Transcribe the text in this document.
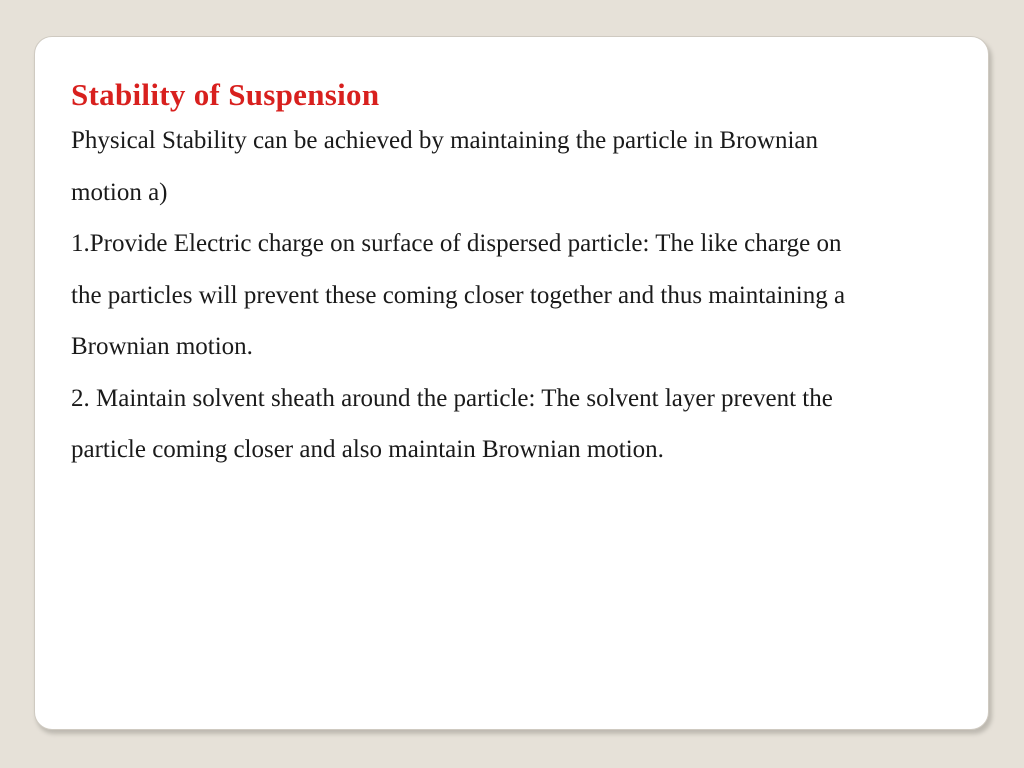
Stability of Suspension

Physical Stability can be achieved by maintaining the particle in Brownian

motion a)

1.Provide Electric charge on surface of dispersed particle: The like charge on

the particles will prevent these coming closer together and thus maintaining a

Brownian motion.

2. Maintain solvent sheath around the particle: The solvent layer prevent the

particle coming closer and also maintain Brownian motion.
